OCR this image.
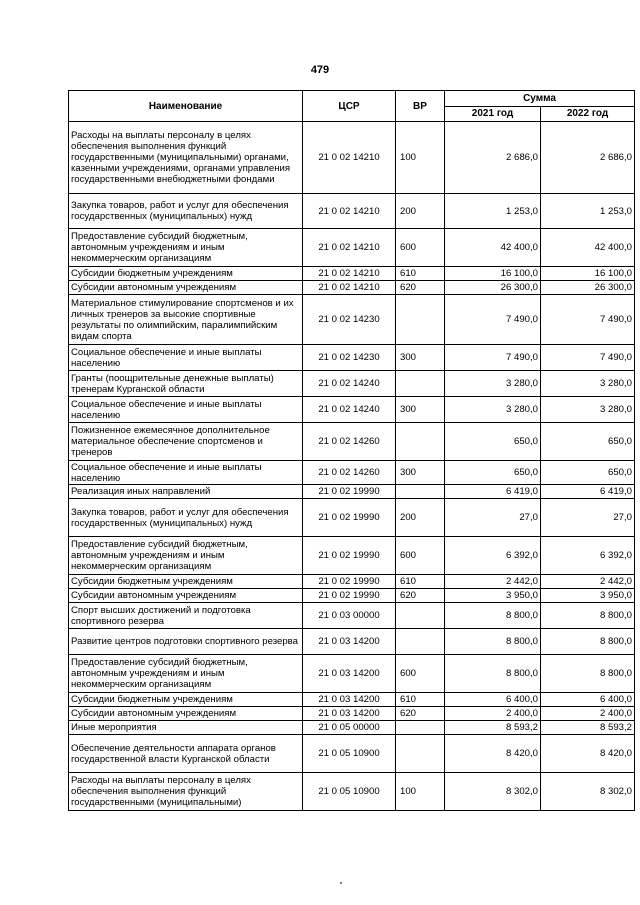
479
Наименование	ЦСР	ВР	Сумма	
			2021 год	2022 год
Расходы на выплаты персоналу в целях обеспечения выполнения функций государственными (муниципальными) органами, казенными учреждениями, органами управления государственными внебюджетными фондами	21 0 02 14210	100	2 686,0	2 686,0
Закупка товаров, работ и услуг для обеспечения государственных (муниципальных) нужд	21 0 02 14210	200	1 253,0	1 253,0
Предоставление субсидий бюджетным, автономным учреждениям и иным некоммерческим организациям	21 0 02 14210	600	42 400,0	42 400,0
Субсидии бюджетным учреждениям	21 0 02 14210	610	16 100,0	16 100,0
Субсидии автономным учреждениям	21 0 02 14210	620	26 300,0	26 300,0
Материальное стимулирование спортсменов и их личных тренеров за высокие спортивные результаты по олимпийским, паралимпийским видам спорта	21 0 02 14230		7 490,0	7 490,0
Социальное обеспечение и иные выплаты населению	21 0 02 14230	300	7 490,0	7 490,0
Гранты (поощрительные денежные выплаты) тренерам Курганской области	21 0 02 14240		3 280,0	3 280,0
Социальное обеспечение и иные выплаты населению	21 0 02 14240	300	3 280,0	3 280,0
Пожизненное ежемесячное дополнительное материальное обеспечение спортсменов и тренеров	21 0 02 14260		650,0	650,0
Социальное обеспечение и иные выплаты населению	21 0 02 14260	300	650,0	650,0
Реализация иных направлений	21 0 02 19990		6 419,0	6 419,0
Закупка товаров, работ и услуг для обеспечения государственных (муниципальных) нужд	21 0 02 19990	200	27,0	27,0
Предоставление субсидий бюджетным, автономным учреждениям и иным некоммерческим организациям	21 0 02 19990	600	6 392,0	6 392,0
Субсидии бюджетным учреждениям	21 0 02 19990	610	2 442,0	2 442,0
Субсидии автономным учреждениям	21 0 02 19990	620	3 950,0	3 950,0
Спорт высших достижений и подготовка спортивного резерва	21 0 03 00000		8 800,0	8 800,0
Развитие центров подготовки спортивного резерва	21 0 03 14200		8 800,0	8 800,0
Предоставление субсидий бюджетным, автономным учреждениям и иным некоммерческим организациям	21 0 03 14200	600	8 800,0	8 800,0
Субсидии бюджетным учреждениям	21 0 03 14200	610	6 400,0	6 400,0
Субсидии автономным учреждениям	21 0 03 14200	620	2 400,0	2 400,0
Иные мероприятия	21 0 05 00000		8 593,2	8 593,2
Обеспечение деятельности аппарата органов государственной власти Курганской области	21 0 05 10900		8 420,0	8 420,0
Расходы на выплаты персоналу в целях обеспечения выполнения функций государственными (муниципальными)	21 0 05 10900	100	8 302,0	8 302,0
